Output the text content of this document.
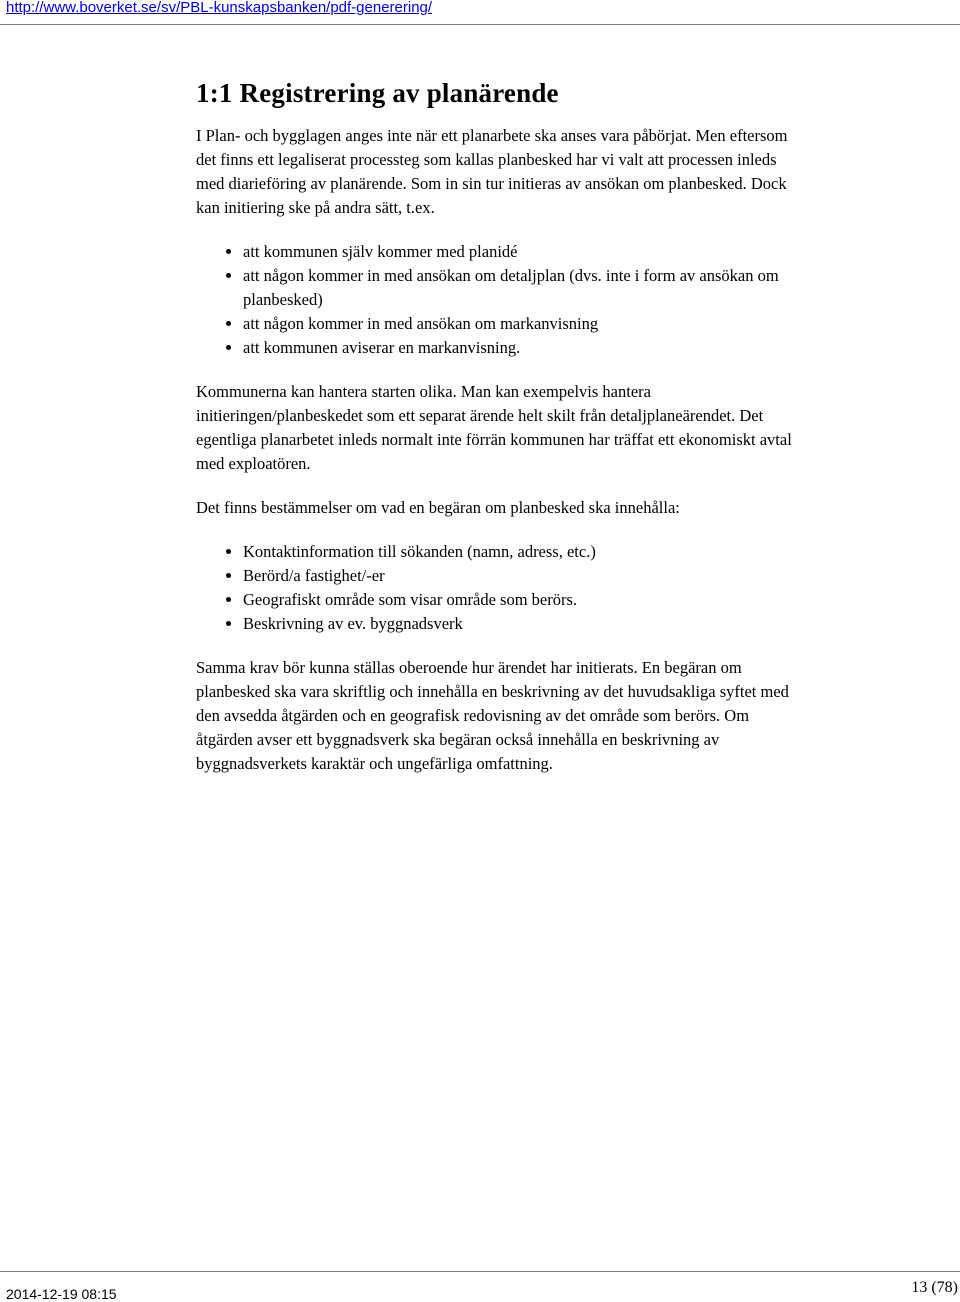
http://www.boverket.se/sv/PBL-kunskapsbanken/pdf-generering/
1:1 Registrering av planärende

I Plan- och bygglagen anges inte när ett planarbete ska anses vara påbörjat. Men eftersom det finns ett legaliserat processteg som kallas planbesked har vi valt att processen inleds med diarieföring av planärende. Som in sin tur initieras av ansökan om planbesked. Dock kan initiering ske på andra sätt, t.ex.

• att kommunen själv kommer med planidé
• att någon kommer in med ansökan om detaljplan (dvs. inte i form av ansökan om planbesked)
• att någon kommer in med ansökan om markanvisning
• att kommunen aviserar en markanvisning.

Kommunerna kan hantera starten olika. Man kan exempelvis hantera initieringen/planbeskedet som ett separat ärende helt skilt från detaljplaneärendet. Det egentliga planarbetet inleds normalt inte förrän kommunen har träffat ett ekonomiskt avtal med exploatören.

Det finns bestämmelser om vad en begäran om planbesked ska innehålla:

• Kontaktinformation till sökanden (namn, adress, etc.)
• Berörd/a fastighet/-er
• Geografiskt område som visar område som berörs.
• Beskrivning av ev. byggnadsverk

Samma krav bör kunna ställas oberoende hur ärendet har initierats. En begäran om planbesked ska vara skriftlig och innehålla en beskrivning av det huvudsakliga syftet med den avsedda åtgärden och en geografisk redovisning av det område som berörs. Om åtgärden avser ett byggnadsverk ska begäran också innehålla en beskrivning av byggnadsverkets karaktär och ungefärliga omfattning.

2014-12-19 08:15	13 (78)
